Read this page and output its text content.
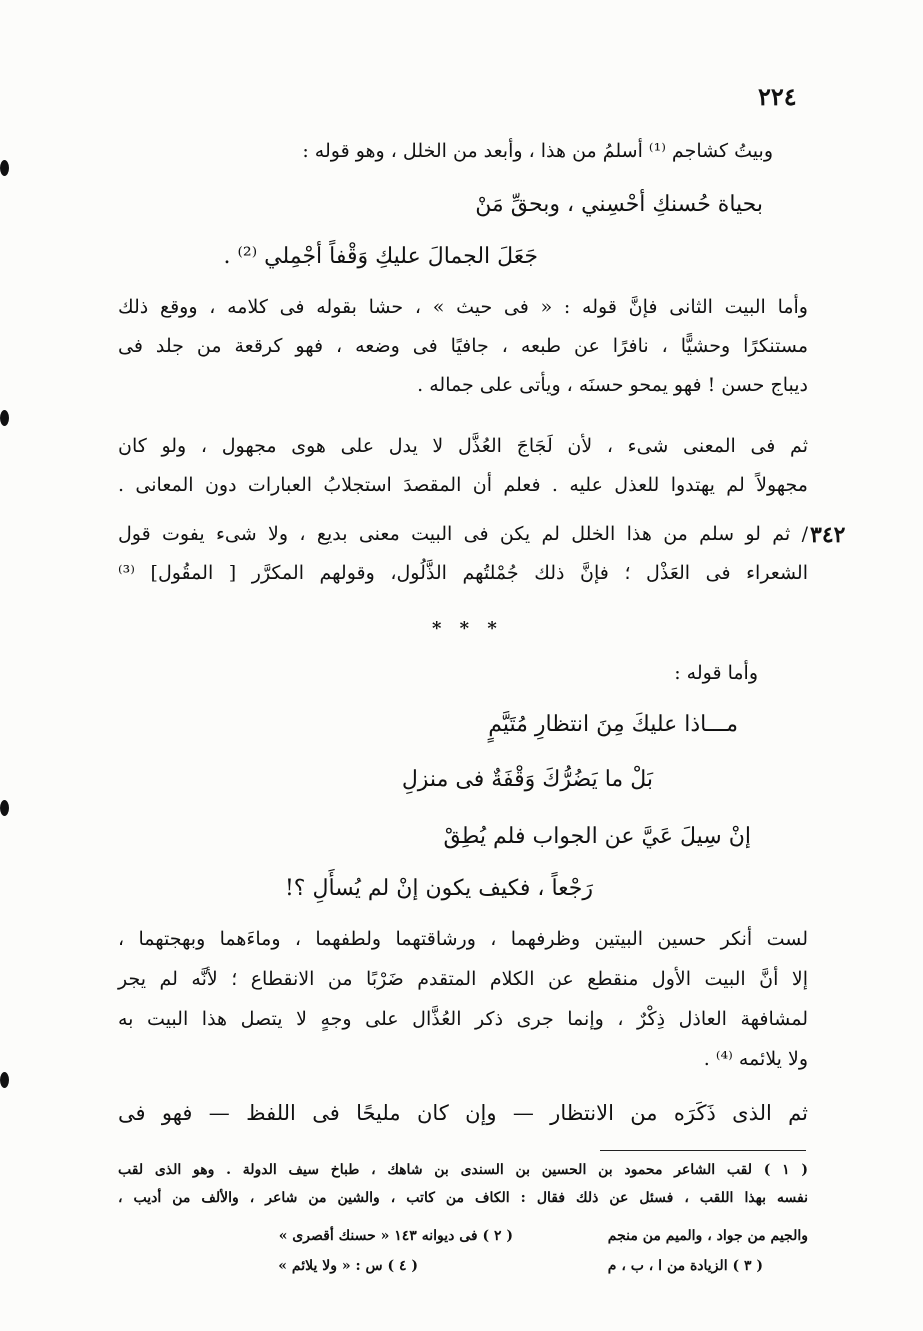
٢٢٤
وبيتُ كشاجم ⁽¹⁾ أسلمُ من هذا ، وأبعد من الخلل ، وهو قوله :
بحياة حُسنكِ أحْسِني ، وبحقِّ مَنْ
جَعَلَ الجمالَ عليكِ وَقْفاً أجْمِلي ⁽²⁾ .
وأما البيت الثانى فإنَّ قوله : « فى حيث » ، حشا بقوله فى كلامه ، ووقع ذلك
مستنكرًا وحشيًّا ، نافرًا عن طبعه ، جافيًا فى وضعه ، فهو كرقعة من جلد فى
ديباج حسن ! فهو يمحو حسنَه ، ويأتى على جماله .
ثم فى المعنى شىء ، لأن لَجَاجَ العُذَّل لا يدل على هوى مجهول ، ولو كان
مجهولاً لم يهتدوا للعذل عليه . فعلم أن المقصدَ استجلابُ العبارات دون المعانى .
٣٤٢
/ ثم لو سلم من هذا الخلل لم يكن فى البيت معنى بديع ، ولا شىء يفوت قول
الشعراء فى العَذْل ؛ فإنَّ ذلك جُمْلتُهم الذَّلُول، وقولهم المكرَّر [ المقُول] ⁽³⁾
* * *
وأما قوله :
مـــاذا عليكَ مِنَ انتظارِ مُتَيَّمٍ
بَلْ ما يَضُرُّكَ وَقْفَةٌ فى منزلِ
إنْ سِيلَ عَيَّ عن الجواب فلم يُطِقْ
رَجْعاً ، فكيف يكون إنْ لم يُسأَلِ ؟!
لست أنكر حسين البيتين وظرفهما ، ورشاقتهما ولطفهما ، وماءَهما وبهجتهما ،
إلا أنَّ البيت الأول منقطع عن الكلام المتقدم ضَرْبًا من الانقطاع ؛ لأنَّه لم يجر
لمشافهة العاذل ذِكْرٌ ، وإنما جرى ذكر العُذَّال على وجهٍ لا يتصل هذا البيت به
ولا يلائمه ⁽⁴⁾ .
ثم الذى ذَكَرَه من الانتظار — وإن كان مليحًا فى اللفظ — فهو فى
( ١ ) لقب الشاعر محمود بن الحسين بن السندى بن شاهك ، طباخ سيف الدولة . وهو الذى لقب
نفسه بهذا اللقب ، فسئل عن ذلك فقال : الكاف من كاتب ، والشين من شاعر ، والألف من أديب ،
والجيم من جواد ، والميم من منجم
( ٢ ) فى ديوانه ١٤٣ « حسنك أقصرى »
( ٣ ) الزيادة من ا ، ب ، م
( ٤ ) س : « ولا يلائم »
